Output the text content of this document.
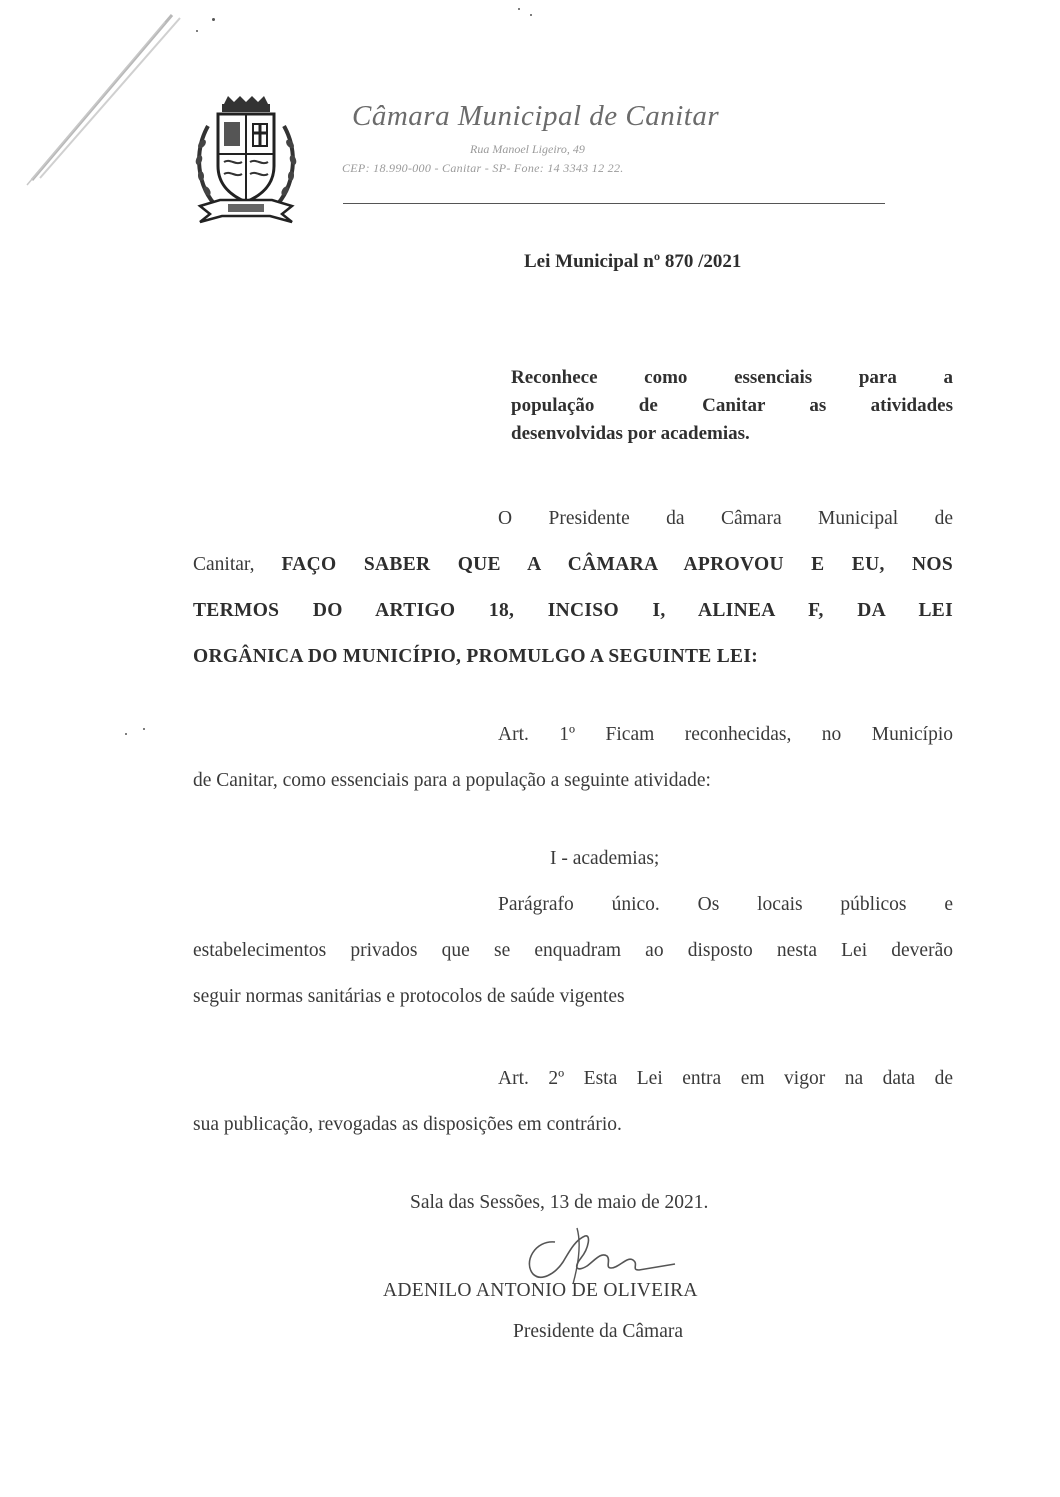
Câmara Municipal de Canitar
Rua Manoel Ligeiro, 49
CEP: 18.990-000 - Canitar - SP- Fone: 14 3343 12 22.
Lei Municipal nº 870 /2021
Reconhece como essenciais para a
população de Canitar as atividades
desenvolvidas por academias.
O Presidente da Câmara Municipal de
Canitar, FAÇO SABER QUE A CÂMARA APROVOU E EU, NOS
TERMOS DO ARTIGO 18, INCISO I, ALINEA F, DA LEI
ORGÂNICA DO MUNICÍPIO, PROMULGO A SEGUINTE LEI:
Art. 1º Ficam reconhecidas, no Município
de Canitar, como essenciais para a população a seguinte atividade:
I - academias;
Parágrafo único. Os locais públicos e
estabelecimentos privados que se enquadram ao disposto nesta Lei deverão
seguir normas sanitárias e protocolos de saúde vigentes
Art. 2º Esta Lei entra em vigor na data de
sua publicação, revogadas as disposições em contrário.
Sala das Sessões, 13 de maio de 2021.
ADENILO ANTONIO DE OLIVEIRA
Presidente da Câmara
